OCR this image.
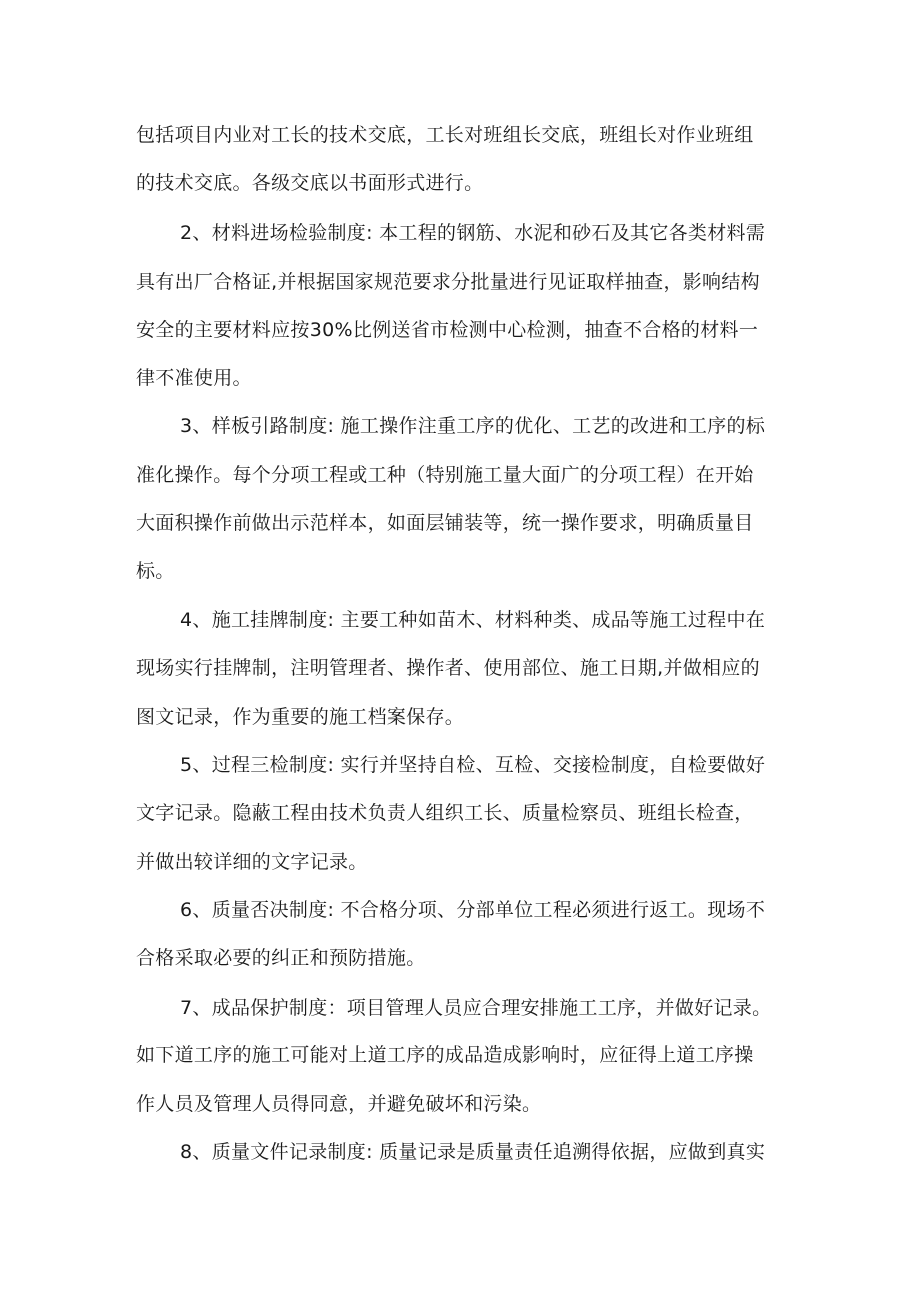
包括项目内业对工长的技术交底，工长对班组长交底，班组长对作业班组
的技术交底。各级交底以书面形式进行。
2、材料进场检验制度: 本工程的钢筋、水泥和砂石及其它各类材料需
具有出厂合格证,并根据国家规范要求分批量进行见证取样抽查，影响结构
安全的主要材料应按30%比例送省市检测中心检测，抽查不合格的材料一
律不准使用。
3、样板引路制度: 施工操作注重工序的优化、工艺的改进和工序的标
准化操作。每个分项工程或工种（特别施工量大面广的分项工程）在开始
大面积操作前做出示范样本，如面层铺装等，统一操作要求，明确质量目
标。
4、施工挂牌制度: 主要工种如苗木、材料种类、成品等施工过程中在
现场实行挂牌制，注明管理者、操作者、使用部位、施工日期,并做相应的
图文记录，作为重要的施工档案保存。
5、过程三检制度: 实行并坚持自检、互检、交接检制度，自检要做好
文字记录。隐蔽工程由技术负责人组织工长、质量检察员、班组长检查，
并做出较详细的文字记录。
6、质量否决制度: 不合格分项、分部单位工程必须进行返工。现场不
合格采取必要的纠正和预防措施。
7、成品保护制度：项目管理人员应合理安排施工工序，并做好记录。
如下道工序的施工可能对上道工序的成品造成影响时，应征得上道工序操
作人员及管理人员得同意，并避免破坏和污染。
8、质量文件记录制度: 质量记录是质量责任追溯得依据，应做到真实
